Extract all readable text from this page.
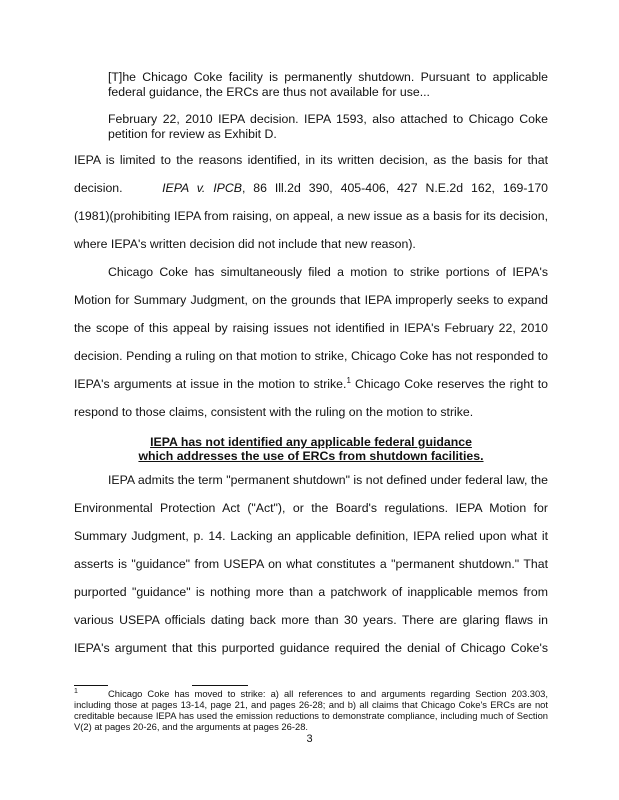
[T]he Chicago Coke facility is permanently shutdown. Pursuant to applicable federal guidance, the ERCs are thus not available for use...

February 22, 2010 IEPA decision. IEPA 1593, also attached to Chicago Coke petition for review as Exhibit D.

IEPA is limited to the reasons identified, in its written decision, as the basis for that

decision.	IEPA v. IPCB, 86 Ill.2d 390, 405-406, 427 N.E.2d 162, 169-170

(1981)(prohibiting IEPA from raising, on appeal, a new issue as a basis for its decision,

where IEPA's written decision did not include that new reason).

Chicago Coke has simultaneously filed a motion to strike portions of IEPA's

Motion for Summary Judgment, on the grounds that IEPA improperly seeks to expand

the scope of this appeal by raising issues not identified in IEPA's February 22, 2010

decision. Pending a ruling on that motion to strike, Chicago Coke has not responded to

IEPA's arguments at issue in the motion to strike.$^1$ Chicago Coke reserves the right to

respond to those claims, consistent with the ruling on the motion to strike.

IEPA has not identified any applicable federal guidance
which addresses the use of ERCs from shutdown facilities.

IEPA admits the term "permanent shutdown" is not defined under federal law, the

Environmental Protection Act ("Act"), or the Board's regulations. IEPA Motion for

Summary Judgment, p. 14. Lacking an applicable definition, IEPA relied upon what it

asserts is "guidance" from USEPA on what constitutes a "permanent shutdown." That

purported "guidance" is nothing more than a patchwork of inapplicable memos from

various USEPA officials dating back more than 30 years. There are glaring flaws in

IEPA's argument that this purported guidance required the denial of Chicago Coke's

$^1$	Chicago Coke has moved to strike: a) all references to and arguments regarding Section 203.303, including those at pages 13-14, page 21, and pages 26-28; and b) all claims that Chicago Coke's ERCs are not creditable because IEPA has used the emission reductions to demonstrate compliance, including much of Section V(2) at pages 20-26, and the arguments at pages 26-28.

3
